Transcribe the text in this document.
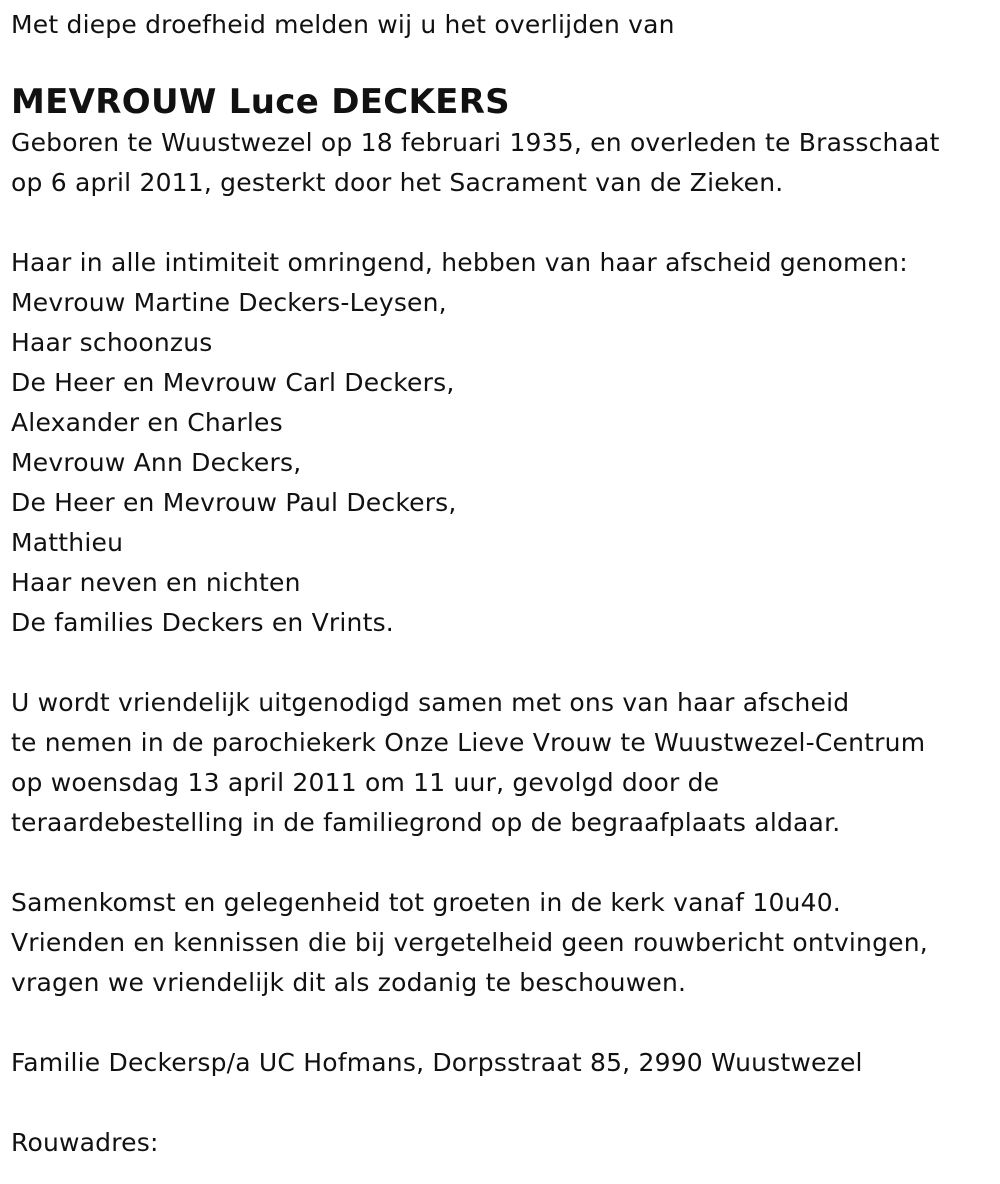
Met diepe droefheid melden wij u het overlijden van
MEVROUW Luce DECKERS
Geboren te Wuustwezel op 18 februari 1935, en overleden te Brasschaat
op 6 april 2011, gesterkt door het Sacrament van de Zieken.
Haar in alle intimiteit omringend, hebben van haar afscheid genomen:
Mevrouw Martine Deckers-Leysen,
Haar schoonzus
De Heer en Mevrouw Carl Deckers,
Alexander en Charles
Mevrouw Ann Deckers,
De Heer en Mevrouw Paul Deckers,
Matthieu
Haar neven en nichten
De families Deckers en Vrints.
U wordt vriendelijk uitgenodigd samen met ons van haar afscheid
te nemen in de parochiekerk Onze Lieve Vrouw te Wuustwezel-Centrum
op woensdag 13 april 2011 om 11 uur, gevolgd door de
teraardebestelling in de familiegrond op de begraafplaats aldaar.
Samenkomst en gelegenheid tot groeten in de kerk vanaf 10u40.
Vrienden en kennissen die bij vergetelheid geen rouwbericht ontvingen,
vragen we vriendelijk dit als zodanig te beschouwen.
Familie Deckersp/a UC Hofmans, Dorpsstraat 85, 2990 Wuustwezel
Rouwadres:
